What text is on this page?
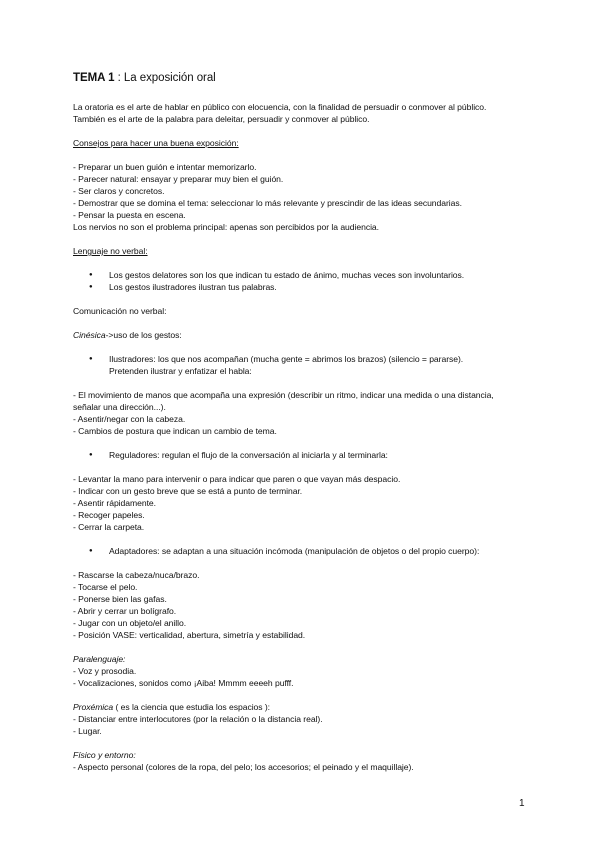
TEMA 1 : La exposición oral

La oratoria es el arte de hablar en público con elocuencia, con la finalidad de persuadir o conmover al público.

También es el arte de la palabra para deleitar, persuadir y conmover al público.

Consejos para hacer una buena exposición:

- Preparar un buen guión e intentar memorizarlo.

- Parecer natural: ensayar y preparar muy bien el guión.

- Ser claros y concretos.

- Demostrar que se domina el tema: seleccionar lo más relevante y prescindir de las ideas secundarias.

- Pensar la puesta en escena.

Los nervios no son el problema principal: apenas son percibidos por la audiencia.

Lenguaje no verbal:

● Los gestos delatores son los que indican tu estado de ánimo, muchas veces son involuntarios.
● Los gestos ilustradores ilustran tus palabras.

Comunicación no verbal:

Cinésica->uso de los gestos:

● Ilustradores: los que nos acompañan (mucha gente = abrimos los brazos) (silencio = pararse).
Pretenden ilustrar y enfatizar el habla:

- El movimiento de manos que acompaña una expresión (describir un ritmo, indicar una medida o una distancia,

señalar una dirección...).

- Asentir/negar con la cabeza.

- Cambios de postura que indican un cambio de tema.

● Reguladores: regulan el flujo de la conversación al iniciarla y al terminarla:

- Levantar la mano para intervenir o para indicar que paren o que vayan más despacio.

- Indicar con un gesto breve que se está a punto de terminar.

- Asentir rápidamente.

- Recoger papeles.

- Cerrar la carpeta.

● Adaptadores: se adaptan a una situación incómoda (manipulación de objetos o del propio cuerpo):

- Rascarse la cabeza/nuca/brazo.

- Tocarse el pelo.

- Ponerse bien las gafas.

- Abrir y cerrar un bolígrafo.

- Jugar con un objeto/el anillo.

- Posición VASE: verticalidad, abertura, simetría y estabilidad.

Paralenguaje:

- Voz y prosodia.

- Vocalizaciones, sonidos como ¡Aiba! Mmmm eeeeh pufff.

Proxémica ( es la ciencia que estudia los espacios ):

- Distanciar entre interlocutores (por la relación o la distancia real).

- Lugar.

Físico y entorno:

- Aspecto personal (colores de la ropa, del pelo; los accesorios; el peinado y el maquillaje).

1
